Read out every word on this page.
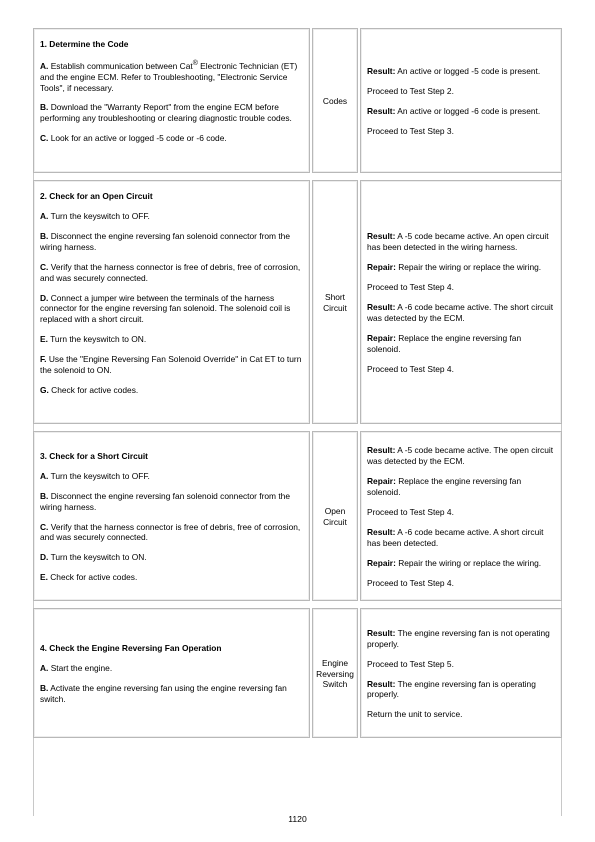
1. Determine the Code
A. Establish communication between Cat® Electronic Technician (ET) and the engine ECM. Refer to Troubleshooting, "Electronic Service Tools", if necessary.
B. Download the "Warranty Report" from the engine ECM before performing any troubleshooting or clearing diagnostic trouble codes.
C. Look for an active or logged -5 code or -6 code.
Codes
Result: An active or logged -5 code is present.
Proceed to Test Step 2.
Result: An active or logged -6 code is present.
Proceed to Test Step 3.
2. Check for an Open Circuit
A. Turn the keyswitch to OFF.
B. Disconnect the engine reversing fan solenoid connector from the wiring harness.
C. Verify that the harness connector is free of debris, free of corrosion, and was securely connected.
D. Connect a jumper wire between the terminals of the harness connector for the engine reversing fan solenoid. The solenoid coil is replaced with a short circuit.
E. Turn the keyswitch to ON.
F. Use the "Engine Reversing Fan Solenoid Override" in Cat ET to turn the solenoid to ON.
G. Check for active codes.
Short Circuit
Result: A -5 code became active. An open circuit has been detected in the wiring harness.
Repair: Repair the wiring or replace the wiring.
Proceed to Test Step 4.
Result: A -6 code became active. The short circuit was detected by the ECM.
Repair: Replace the engine reversing fan solenoid.
Proceed to Test Step 4.
3. Check for a Short Circuit
A. Turn the keyswitch to OFF.
B. Disconnect the engine reversing fan solenoid connector from the wiring harness.
C. Verify that the harness connector is free of debris, free of corrosion, and was securely connected.
D. Turn the keyswitch to ON.
E. Check for active codes.
Open Circuit
Result: A -5 code became active. The open circuit was detected by the ECM.
Repair: Replace the engine reversing fan solenoid.
Proceed to Test Step 4.
Result: A -6 code became active. A short circuit has been detected.
Repair: Repair the wiring or replace the wiring.
Proceed to Test Step 4.
4. Check the Engine Reversing Fan Operation
A. Start the engine.
B. Activate the engine reversing fan using the engine reversing fan switch.
Engine Reversing Switch
Result: The engine reversing fan is not operating properly.
Proceed to Test Step 5.
Result: The engine reversing fan is operating properly.
Return the unit to service.
1120
